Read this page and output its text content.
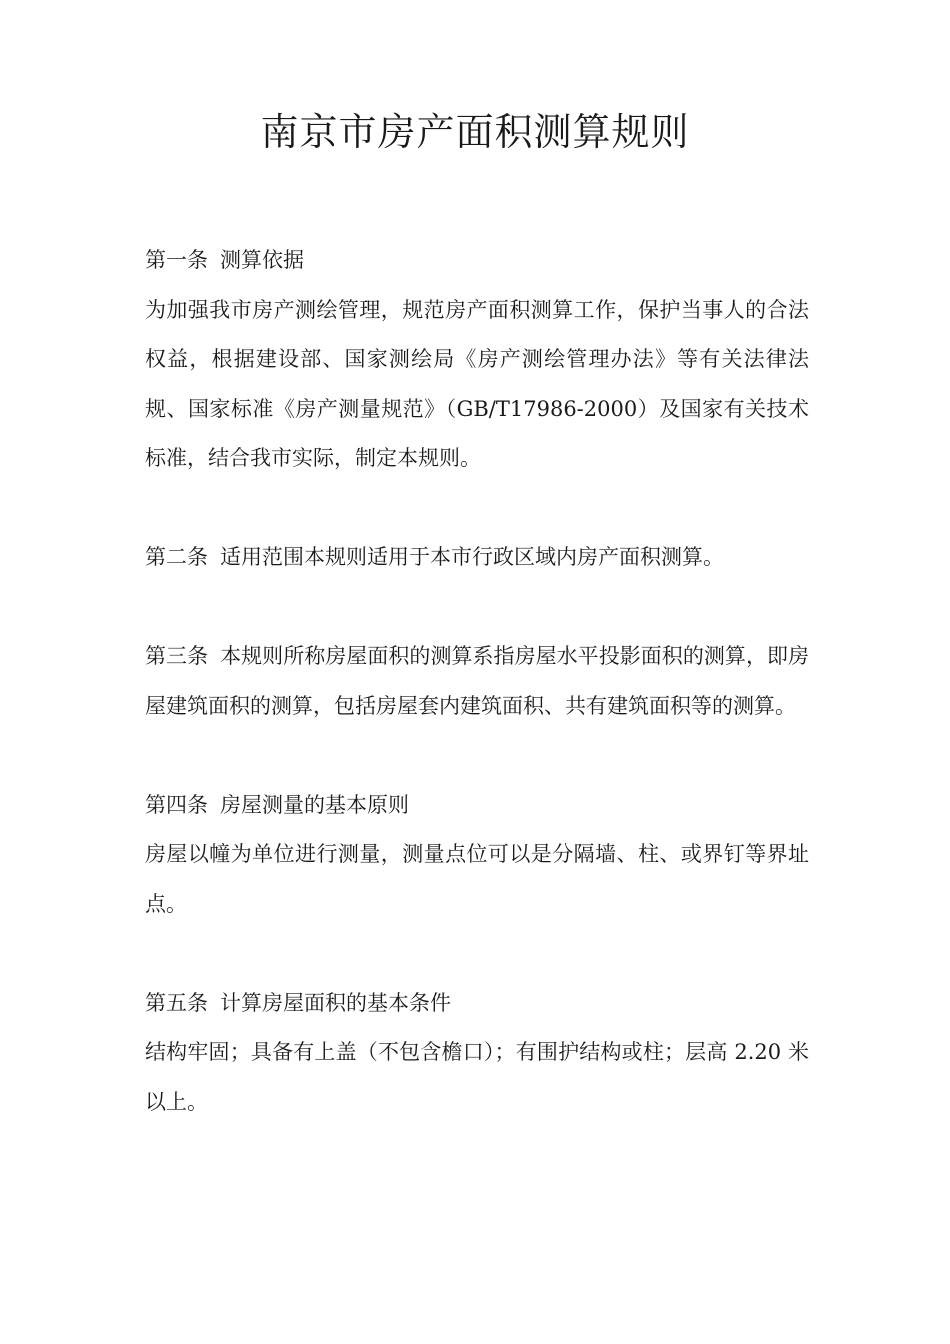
南京市房产面积测算规则

第一条 测算依据

为加强我市房产测绘管理，规范房产面积测算工作，保护当事人的合法权益，根据建设部、国家测绘局《房产测绘管理办法》等有关法律法规、国家标准《房产测量规范》（GB/T17986-2000）及国家有关技术标准，结合我市实际，制定本规则。

第二条 适用范围本规则适用于本市行政区域内房产面积测算。

第三条 本规则所称房屋面积的测算系指房屋水平投影面积的测算，即房屋建筑面积的测算，包括房屋套内建筑面积、共有建筑面积等的测算。

第四条 房屋测量的基本原则

房屋以幢为单位进行测量，测量点位可以是分隔墙、柱、或界钉等界址点。

第五条 计算房屋面积的基本条件

结构牢固；具备有上盖（不包含檐口）；有围护结构或柱；层高 2.20 米以上。
